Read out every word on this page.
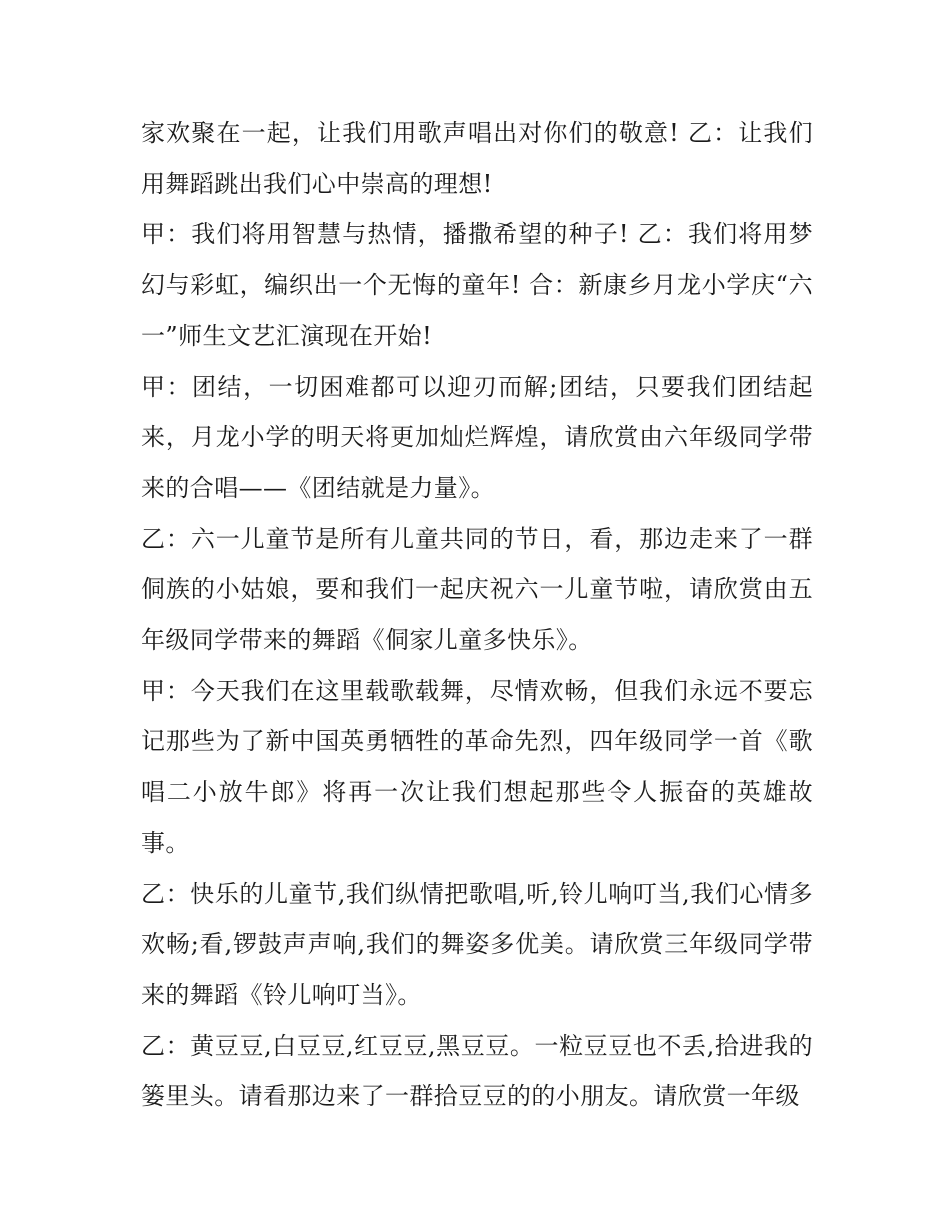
家欢聚在一起，让我们用歌声唱出对你们的敬意! 乙：让我们用舞蹈跳出我们心中崇高的理想!

甲：我们将用智慧与热情，播撒希望的种子! 乙：我们将用梦幻与彩虹，编织出一个无悔的童年! 合：新康乡月龙小学庆“六一”师生文艺汇演现在开始!

甲：团结，一切困难都可以迎刃而解;团结，只要我们团结起来，月龙小学的明天将更加灿烂辉煌，请欣赏由六年级同学带来的合唱——《团结就是力量》。

乙：六一儿童节是所有儿童共同的节日，看，那边走来了一群侗族的小姑娘，要和我们一起庆祝六一儿童节啦，请欣赏由五年级同学带来的舞蹈《侗家儿童多快乐》。

甲：今天我们在这里载歌载舞，尽情欢畅，但我们永远不要忘记那些为了新中国英勇牺牲的革命先烈，四年级同学一首《歌唱二小放牛郎》将再一次让我们想起那些令人振奋的英雄故事。

乙：快乐的儿童节,我们纵情把歌唱,听,铃儿响叮当,我们心情多欢畅;看,锣鼓声声响,我们的舞姿多优美。请欣赏三年级同学带来的舞蹈《铃儿响叮当》。

乙：黄豆豆,白豆豆,红豆豆,黑豆豆。一粒豆豆也不丢,拾进我的篓里头。请看那边来了一群拾豆豆的的小朋友。请欣赏一年级
